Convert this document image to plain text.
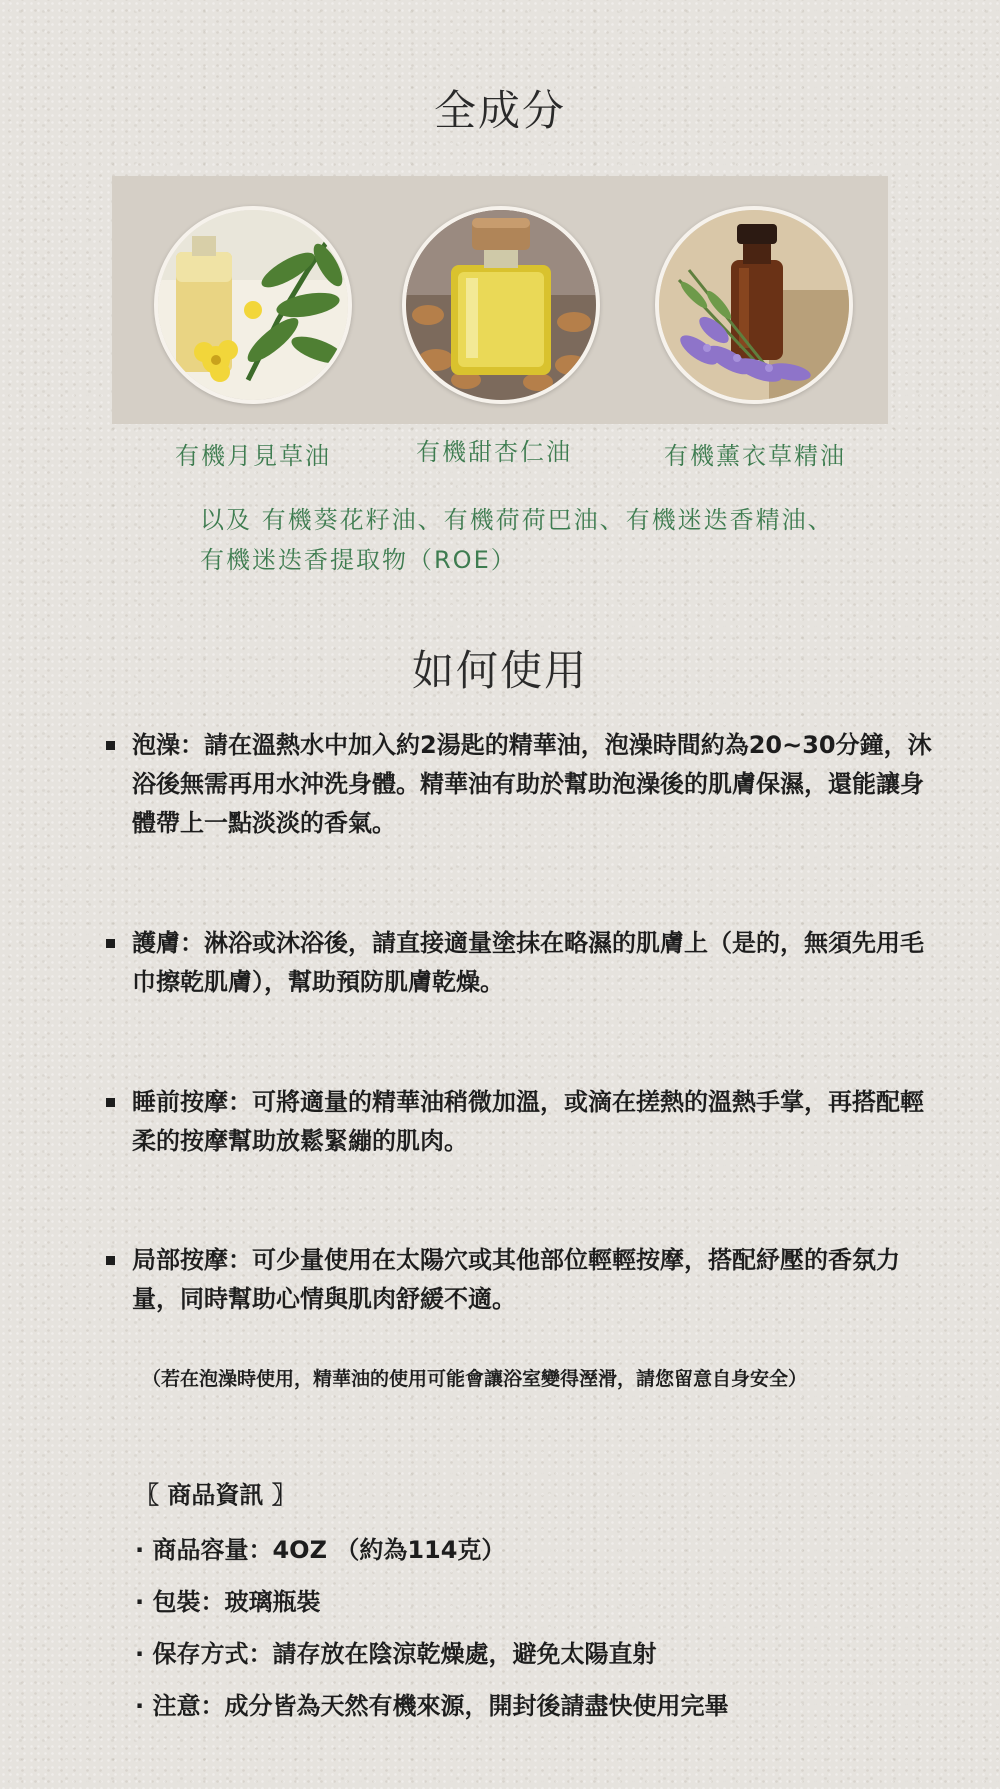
全成分
有機月見草油	有機甜杏仁油	有機薰衣草精油
以及 有機葵花籽油、有機荷荷巴油、有機迷迭香精油、有機迷迭香提取物（ROE）
如何使用
泡澡：請在溫熱水中加入約2湯匙的精華油，泡澡時間約為20~30分鐘，沐浴後無需再用水沖洗身體。精華油有助於幫助泡澡後的肌膚保濕，還能讓身體帶上一點淡淡的香氣。
護膚：淋浴或沐浴後，請直接適量塗抹在略濕的肌膚上（是的，無須先用毛巾擦乾肌膚），幫助預防肌膚乾燥。
睡前按摩：可將適量的精華油稍微加溫，或滴在搓熱的溫熱手掌，再搭配輕柔的按摩幫助放鬆緊繃的肌肉。
局部按摩：可少量使用在太陽穴或其他部位輕輕按摩，搭配紓壓的香氛力量，同時幫助心情與肌肉舒緩不適。
（若在泡澡時使用，精華油的使用可能會讓浴室變得溼滑，請您留意自身安全）
〖 商品資訊 〗
· 商品容量：4OZ （約為114克）
· 包裝：玻璃瓶裝
· 保存方式：請存放在陰涼乾燥處，避免太陽直射
· 注意：成分皆為天然有機來源，開封後請盡快使用完畢
